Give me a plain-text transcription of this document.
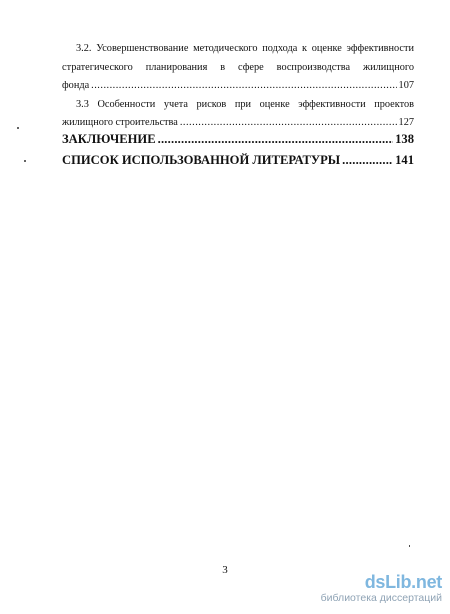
3.2. Усовершенствование методического подхода к оценке эффективности
стратегического планирования в сфере воспроизводства жилищного
фонда .....	107
3.3 Особенности учета рисков при оценке эффективности проектов
жилищного строительства .....	127
ЗАКЛЮЧЕНИЕ .....	138
СПИСОК ИСПОЛЬЗОВАННОЙ ЛИТЕРАТУРЫ .....	141
3
dsLib.net
библиотека диссертаций
